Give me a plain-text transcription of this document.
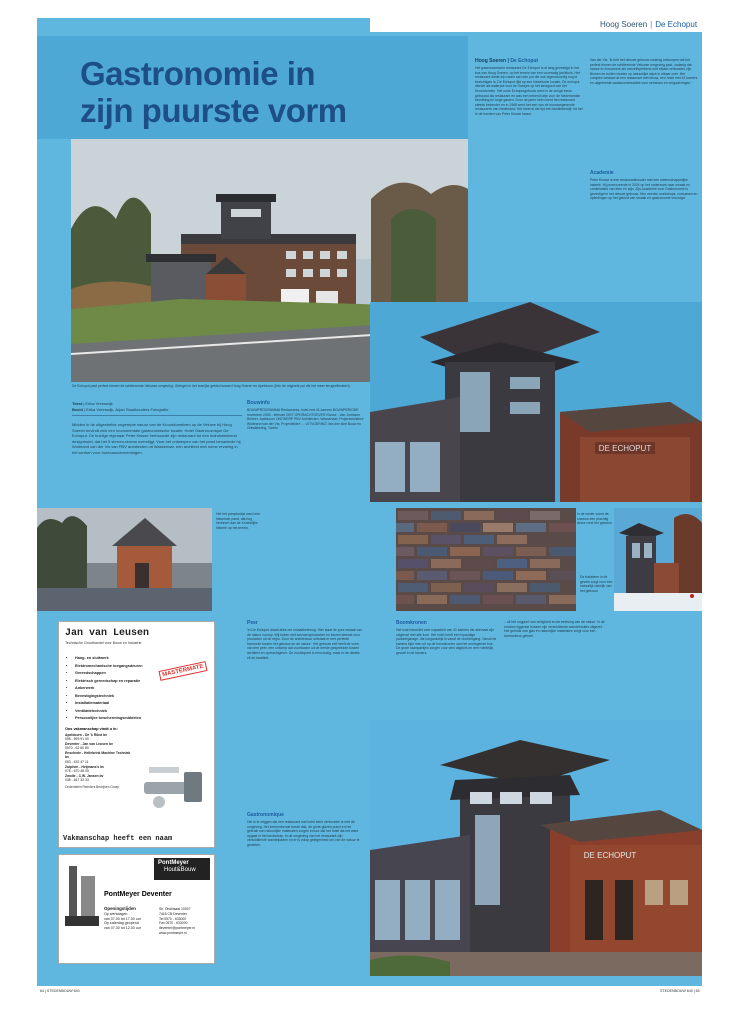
Hoog Soeren | De Echoput
Gastronomie in
zijn puurste vorm

De Echoput past perfect binnen de schitterende Veluwse omgeving. Gelegen in het bosrijke gebied tussen Hoog Soeren en Apeldoorn (foto de originele pui die het meer terugreflecteert).

Tekst | Erika Vreeswijk
Beeld | Erika Vreeswijk, Arjan Staalhouders Fotografie

Midden in de uitgestrekte ongerepte natuur van de Kroondomeinen op de Veluwe bij Hoog Soeren bevindt zich een monumentale gastronomische locatie, Hotel Gastronomique De Echoput. De huidige eigenaar Peter Klosse herbouwde zijn restaurant tot een indrukwekkend designhotel, dat het 5 sterren-niveau overstijgt. Voor het ontwerpen van het pand benaderde hij Wolbrand van der Vis van PBV architecten uit Wassenaar, een architect met ruime ervaring in het werken voor horecaondernemingen.

Bouwinfo

BOUWPROGRAMMA Restaurants, hotel met 41 kamers BOUWPERIODE november 2005 - februari 2007 OPDRACHTGEVER Klosse - Van Jorrissen Beheer, Apeldoorn ONTWERP PBV Architecten, Wassenaar; Projectarchitect: Wolbrand van der Vis; Projectleider: ... UITVOERING Van den Belt Bouw en Ontwikkeling, Twello

Hoog Soeren | De Echoput

Het gastronomische restaurant De Echoput is al lang gevestigd in het bos van Hoog Soeren, op het terrein van een voormalig jachthuis. Het restaurant dankt zijn naam aan een put die ook tegenwoordig nog te bezichtigen is. De Echoput lijkt op een historische locatie, De echoput diende als waterput voor de Oranjes op het landgoed van het Kroondomein. Het oude Echoputgebouw werd in de vorige eeuw gebouwd als restaurant en was een bekend uitje voor de Nederlandse bevolking en hoge gasten. Door de jaren heen werd het restaurant steeds bekender en in 1968 werd het een van de toonaangevende restaurants van Nederland. Het bleef al die tijd een familiebedrijf, tot het in de handen van Peter Klosse kwam.

Van der Vis: 'Ik heb het nieuwe gebouw zodanig ontworpen dat het perfect binnen de schitterende Veluwse omgeving past, zodanig dat natuur en bouwwerk als vanzelfsprekend met elkaar verbonden zijn. Binnen en buiten vloeien op natuurlijke wijze in elkaar over. Het complex bestaat uit een restaurant met terras, een hotel met 41 kamers en uitgebreide zaalaccommodatie voor seminars en vergaderingen.'

Academie

Peter Klosse is een restauranthouder met een wetenschappelijke insteek. Hij promoveerde in 2004 op het onderzoek naar smaak en combinaties van eten en wijn. Zijn Academie voor Gastronomie is gevestigd in het nieuwe gebouw. Hier worden workshops, cursussen en opleidingen op het gebied van smaak en gastronomie verzorgd.

DE ECHOPUT

Het het pomphuisje werd een historisch pand, dat nog herinnert aan de Koninklijke historie op het terrein.

De baksteen in de gevels zorgt voor een natuurlijk uiterlijk van het gebouw.

In de winter vormt de sneeuw een prachtig decor rond het gebouw.

Peer

'In De Echoput draait alles om smaakbeleving. Hier staat de pure smaak van de natuur voorop. Wij koken met seizoensproducten en kiezen bewust voor producten uit de regio. Door de architectuur ontstaat er een perfecte harmonie tussen het gebouw en de natuur.' Het gebouw zelf heeft de vorm van een peer, een ontwerp dat voortkwam uit de eerste gesprekken tussen architect en opdrachtgever. De hoofdopzet is eenvoudig, maar in de details zit de kwaliteit.

Gastronomique

Het is te zeggen dat een restaurant met hotel sterk verbonden is met de omgeving. Het kenmerkende brede dak, de grote glazen puien en het gebruik van natuurlijke materialen zorgen ervoor dat het hotel als het ware opgaat in het landschap. In de omgeving van het restaurant zijn verschillende wandelpaden en er is volop gelegenheid om van de natuur te genieten.

Boomkronen

Het hotel beschikt over capaciteit van 41 kamers die allemaal zijn uitgerust met alle luxe. Het hotel heeft een inpandige parkeergarage, die toegankelijk is vanaf de hoofdingang. Vanuit de kamers kijkt men uit op de boomkronen van het omringende bos. De grote raampartijen zorgen voor veel daglicht en een ruimtelijk gevoel in de kamers.

...uit het oogpunt van veiligheid en de beleving van de natuur. In de rondom liggende bossen zijn verschillende wandelroutes uitgezet. Het gebruik van glas en natuurlijke materialen zorgt voor een harmonieus geheel.

DE ECHOPUT
Jan van Leusen
Technische Groothandel voor Bouw en Industrie
MASTERMATE
• Hang- en sluitwerk
• Elektromechanische toegangsdeuren
• Gereedschappen
• Elektrisch gereedschap en reparatie
• Ankerwerk
• Bevestigingstechniek
• Installatiemateriaal
• Ventilatietechniek
• Persoonlijke beschermingsmiddelen
Ons vakmanschap vindt u in:
Apeldoorn - De 'k Rikst bv
055 - 599 91 00
Deventer - Jan van Leusen bv
0570 - 62 80 80
Enschede - Hellebrink Machine Techniek bv
053 - 432 47 11
Zutphen - Heijmans's bv
075 - 670 48 00
Zwolle - C.W. Jansen bv
038 - 467 33 33
Onderdelen Reinders Bedrijven Groep
Vakmanschap heeft een naam
PontMeyer
Hout&Bouw
PontMeyer Deventer
Openingstijden
Op werkdagen
van 07.00 tot 17.00 uur
Op zaterdag geopend
van 07.30 tot 12.00 uur
Sir. Ölstötsaat 10007
7418 CB Deventer
Tel 0570 - 633000
Fax 0570 - 633000
deventer@pontmeyer.nl
www.pontmeyer.nl
64 | STEDENBOUW 640	STEDENBOUW 640 | 65
